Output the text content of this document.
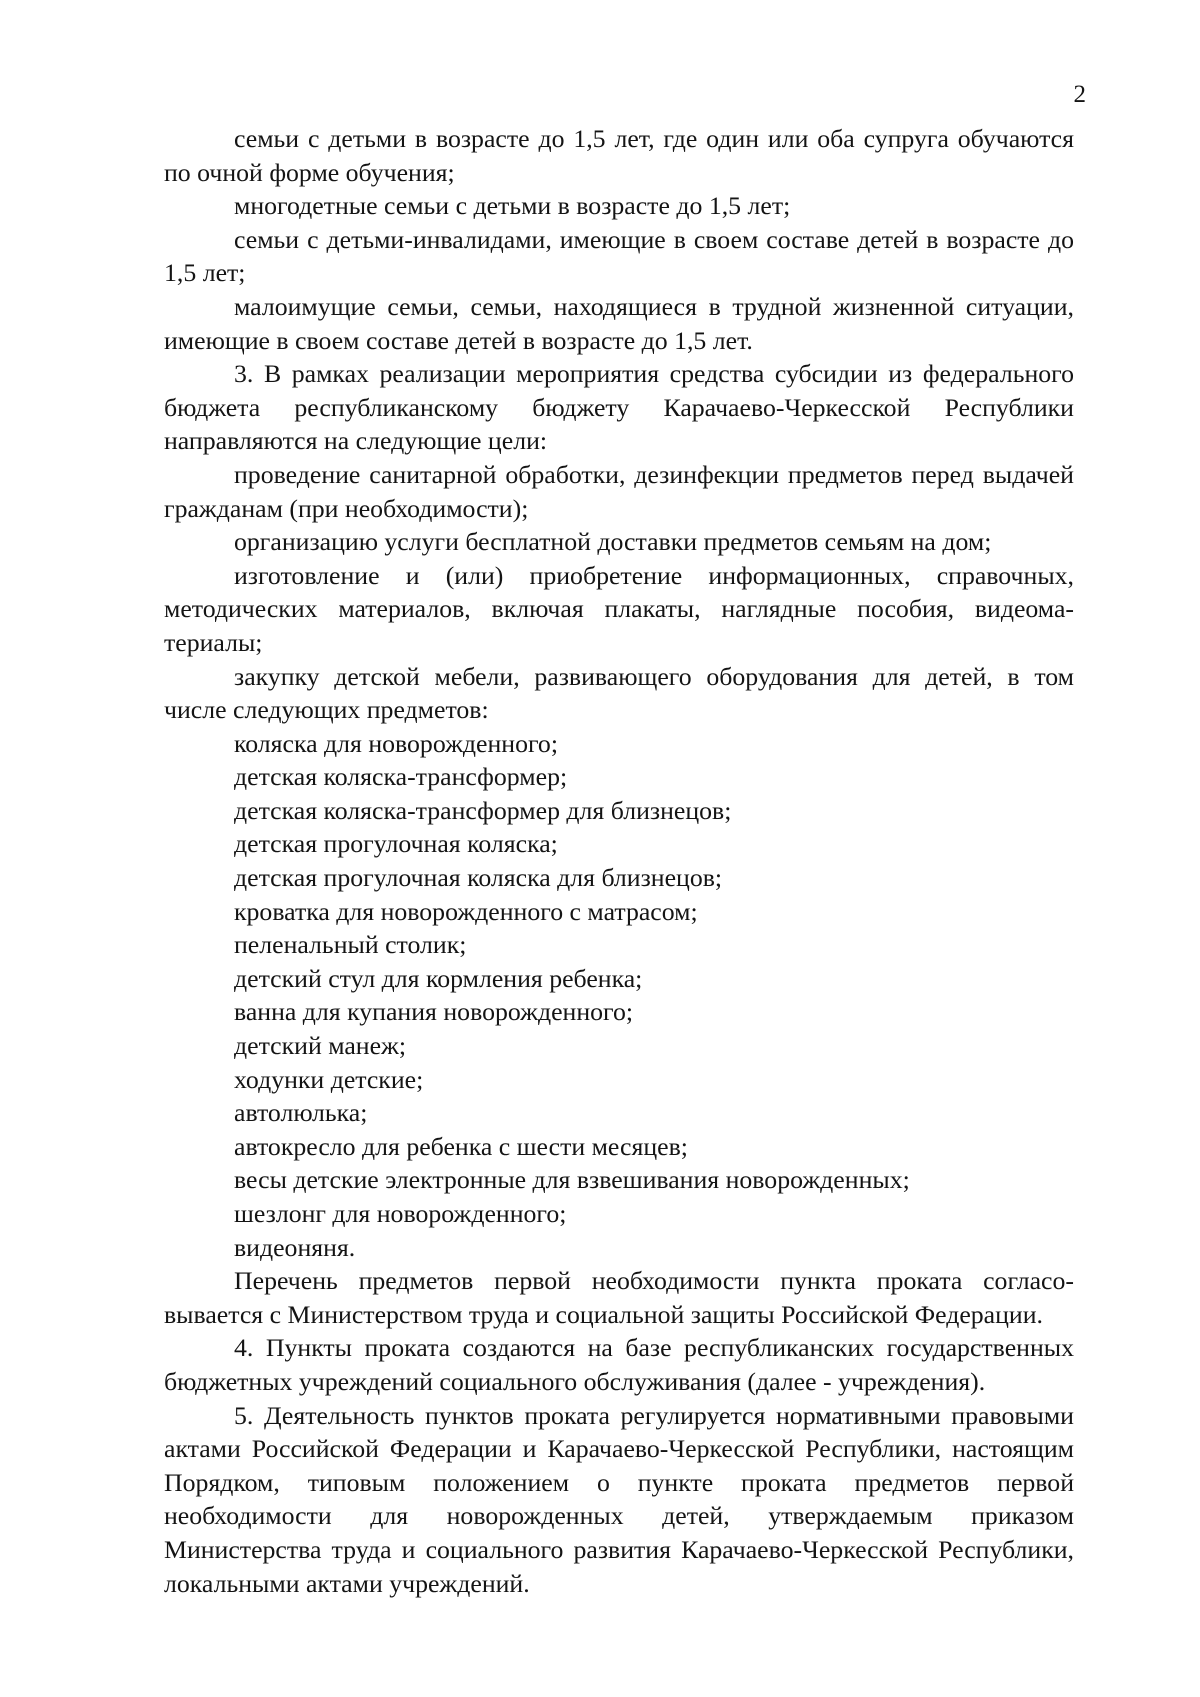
2

семьи с детьми в возрасте до 1,5 лет, где один или оба супруга обучаются по очной форме обучения;

многодетные семьи с детьми в возрасте до 1,5 лет;

семьи с детьми-инвалидами, имеющие в своем составе детей в возрасте до 1,5 лет;

малоимущие семьи, семьи, находящиеся в трудной жизненной ситуации, имеющие в своем составе детей в возрасте до 1,5 лет.

3. В рамках реализации мероприятия средства субсидии из федерального бюджета республиканскому бюджету Карачаево-Черкесской Республики направляются на следующие цели:

проведение санитарной обработки, дезинфекции предметов перед выдачей гражданам (при необходимости);

организацию услуги бесплатной доставки предметов семьям на дом;

изготовление и (или) приобретение информационных, справочных, методических материалов, включая плакаты, наглядные пособия, видеоматериалы;

закупку детской мебели, развивающего оборудования для детей, в том числе следующих предметов:

коляска для новорожденного;

детская коляска-трансформер;

детская коляска-трансформер для близнецов;

детская прогулочная коляска;

детская прогулочная коляска для близнецов;

кроватка для новорожденного с матрасом;

пеленальный столик;

детский стул для кормления ребенка;

ванна для купания новорожденного;

детский манеж;

ходунки детские;

автолюлька;

автокресло для ребенка с шести месяцев;

весы детские электронные для взвешивания новорожденных;

шезлонг для новорожденного;

видеоняня.

Перечень предметов первой необходимости пункта проката согласовывается с Министерством труда и социальной защиты Российской Федерации.

4. Пункты проката создаются на базе республиканских государственных бюджетных учреждений социального обслуживания (далее - учреждения).

5. Деятельность пунктов проката регулируется нормативными правовыми актами Российской Федерации и Карачаево-Черкесской Республики, настоящим Порядком, типовым положением о пункте проката предметов первой необходимости для новорожденных детей, утверждаемым приказом Министерства труда и социального развития Карачаево-Черкесской Республики, локальными актами учреждений.
